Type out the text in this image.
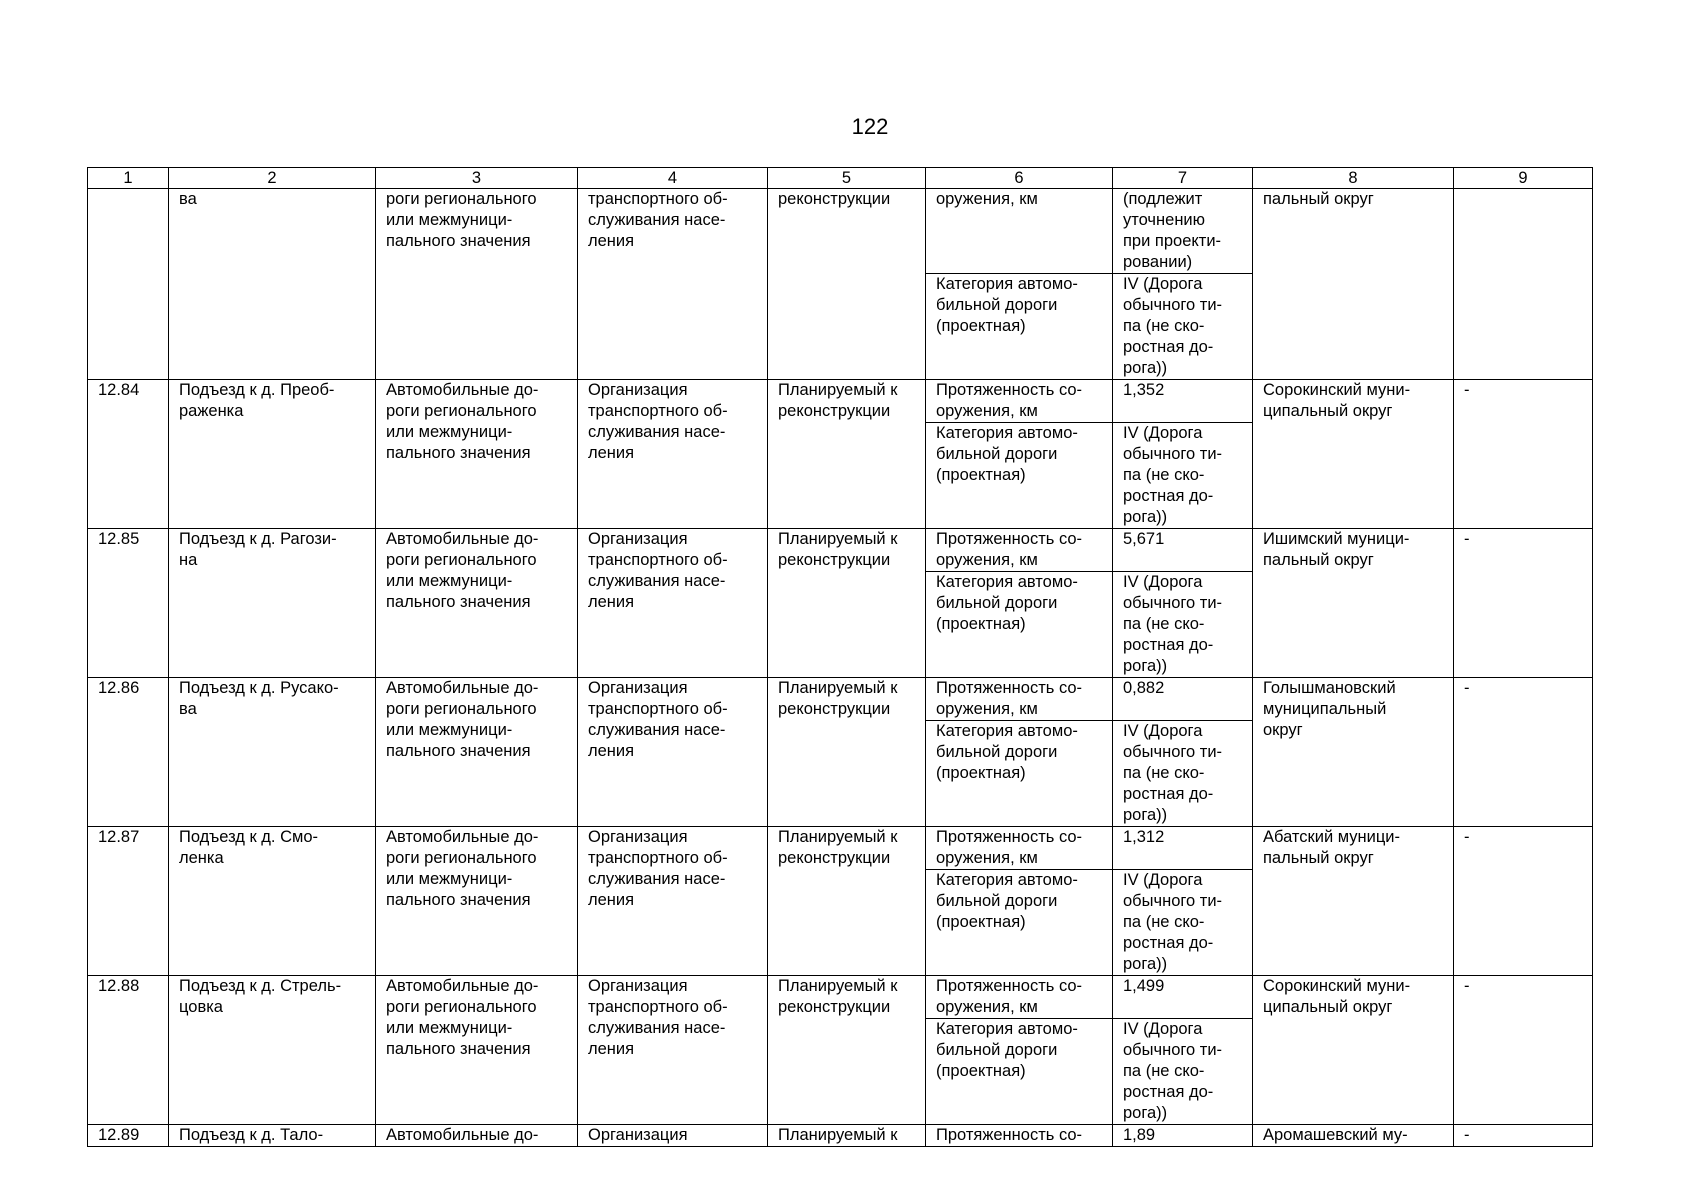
122
1	2	3	4	5	6	7	8	9
	ва	роги регионального
или межмуници-
пального значения	транспортного об-
служивания насе-
ления	реконструкции	оружения, км	(подлежит
уточнению
при проекти-
ровании)	пальный округ	
					Категория автомо-
бильной дороги
(проектная)	IV (Дорога
обычного ти-
па (не ско-
ростная до-
рога))		
12.84	Подъезд к д. Преоб-
раженка	Автомобильные до-
роги регионального
или межмуници-
пального значения	Организация
транспортного об-
служивания насе-
ления	Планируемый к
реконструкции	Протяженность со-
оружения, км	1,352	Сорокинский муни-
ципальный округ	-
					Категория автомо-
бильной дороги
(проектная)	IV (Дорога
обычного ти-
па (не ско-
ростная до-
рога))		
12.85	Подъезд к д. Рагози-
на	Автомобильные до-
роги регионального
или межмуници-
пального значения	Организация
транспортного об-
служивания насе-
ления	Планируемый к
реконструкции	Протяженность со-
оружения, км	5,671	Ишимский муници-
пальный округ	-
					Категория автомо-
бильной дороги
(проектная)	IV (Дорога
обычного ти-
па (не ско-
ростная до-
рога))		
12.86	Подъезд к д. Русако-
ва	Автомобильные до-
роги регионального
или межмуници-
пального значения	Организация
транспортного об-
служивания насе-
ления	Планируемый к
реконструкции	Протяженность со-
оружения, км	0,882	Голышмановский
муниципальный
округ	-
					Категория автомо-
бильной дороги
(проектная)	IV (Дорога
обычного ти-
па (не ско-
ростная до-
рога))		
12.87	Подъезд к д. Смо-
ленка	Автомобильные до-
роги регионального
или межмуници-
пального значения	Организация
транспортного об-
служивания насе-
ления	Планируемый к
реконструкции	Протяженность со-
оружения, км	1,312	Абатский муници-
пальный округ	-
					Категория автомо-
бильной дороги
(проектная)	IV (Дорога
обычного ти-
па (не ско-
ростная до-
рога))		
12.88	Подъезд к д. Стрель-
цовка	Автомобильные до-
роги регионального
или межмуници-
пального значения	Организация
транспортного об-
служивания насе-
ления	Планируемый к
реконструкции	Протяженность со-
оружения, км	1,499	Сорокинский муни-
ципальный округ	-
					Категория автомо-
бильной дороги
(проектная)	IV (Дорога
обычного ти-
па (не ско-
ростная до-
рога))		
12.89	Подъезд к д. Тало-	Автомобильные до-	Организация	Планируемый к	Протяженность со-	1,89	Аромашевский му-	-
